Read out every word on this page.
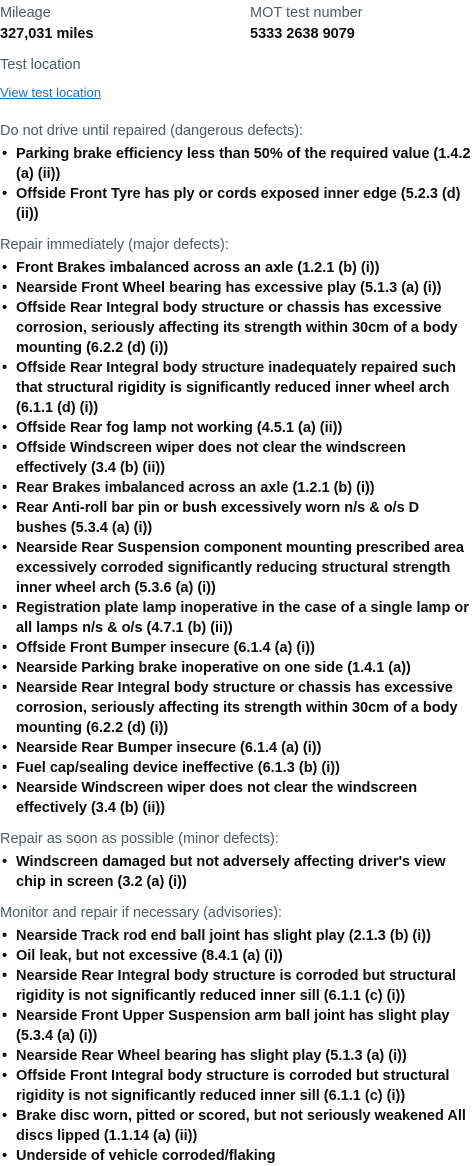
Mileage
327,031 miles
MOT test number
5333 2638 9079
Test location
View test location
Do not drive until repaired (dangerous defects):
• Parking brake efficiency less than 50% of the required value (1.4.2 (a) (ii))
• Offside Front Tyre has ply or cords exposed inner edge (5.2.3 (d) (ii))
Repair immediately (major defects):
• Front Brakes imbalanced across an axle (1.2.1 (b) (i))
• Nearside Front Wheel bearing has excessive play (5.1.3 (a) (i))
• Offside Rear Integral body structure or chassis has excessive corrosion, seriously affecting its strength within 30cm of a body mounting (6.2.2 (d) (i))
• Offside Rear Integral body structure inadequately repaired such that structural rigidity is significantly reduced inner wheel arch (6.1.1 (d) (i))
• Offside Rear fog lamp not working (4.5.1 (a) (ii))
• Offside Windscreen wiper does not clear the windscreen effectively (3.4 (b) (ii))
• Rear Brakes imbalanced across an axle (1.2.1 (b) (i))
• Rear Anti-roll bar pin or bush excessively worn n/s & o/s D bushes (5.3.4 (a) (i))
• Nearside Rear Suspension component mounting prescribed area excessively corroded significantly reducing structural strength inner wheel arch (5.3.6 (a) (i))
• Registration plate lamp inoperative in the case of a single lamp or all lamps n/s & o/s (4.7.1 (b) (ii))
• Offside Front Bumper insecure (6.1.4 (a) (i))
• Nearside Parking brake inoperative on one side (1.4.1 (a))
• Nearside Rear Integral body structure or chassis has excessive corrosion, seriously affecting its strength within 30cm of a body mounting (6.2.2 (d) (i))
• Nearside Rear Bumper insecure (6.1.4 (a) (i))
• Fuel cap/sealing device ineffective (6.1.3 (b) (i))
• Nearside Windscreen wiper does not clear the windscreen effectively (3.4 (b) (ii))
Repair as soon as possible (minor defects):
• Windscreen damaged but not adversely affecting driver's view chip in screen (3.2 (a) (i))
Monitor and repair if necessary (advisories):
• Nearside Track rod end ball joint has slight play (2.1.3 (b) (i))
• Oil leak, but not excessive (8.4.1 (a) (i))
• Nearside Rear Integral body structure is corroded but structural rigidity is not significantly reduced inner sill (6.1.1 (c) (i))
• Nearside Front Upper Suspension arm ball joint has slight play (5.3.4 (a) (i))
• Nearside Rear Wheel bearing has slight play (5.1.3 (a) (i))
• Offside Front Integral body structure is corroded but structural rigidity is not significantly reduced inner sill (6.1.1 (c) (i))
• Brake disc worn, pitted or scored, but not seriously weakened All discs lipped (1.1.14 (a) (ii))
• Underside of vehicle corroded/flaking
